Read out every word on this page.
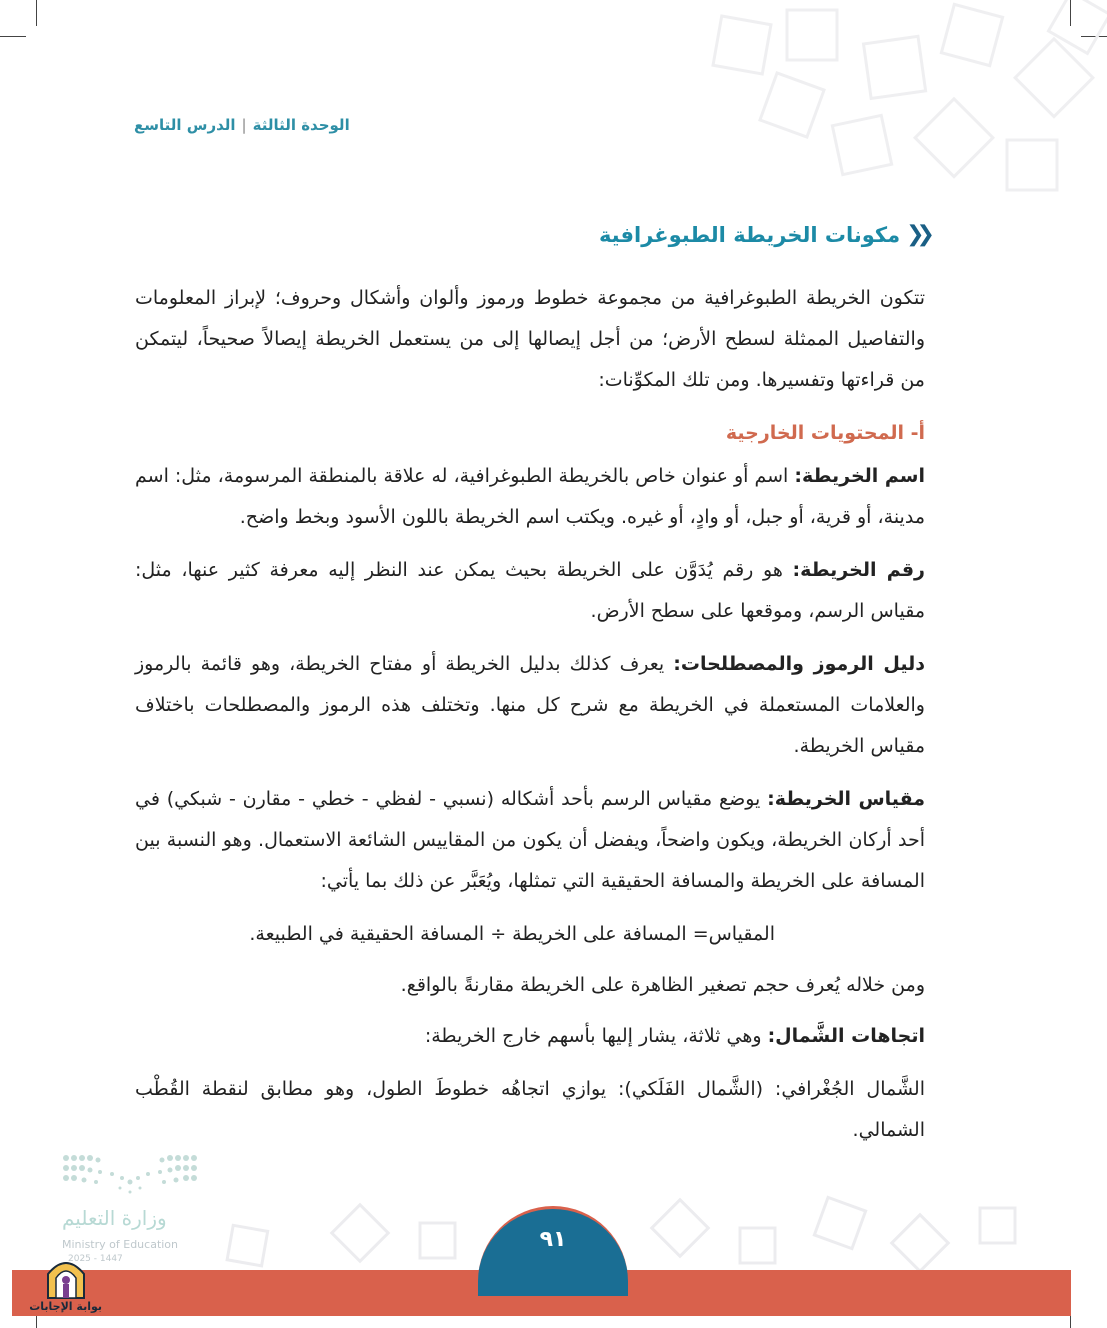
الوحدة الثالثة|الدرس التاسع
❮❮
مكونات الخريطة الطبوغرافية

تتكون الخريطة الطبوغرافية من مجموعة خطوط ورموز وألوان وأشكال وحروف؛ لإبراز المعلومات والتفاصيل الممثلة لسطح الأرض؛ من أجل إيصالها إلى من يستعمل الخريطة إيصالاً صحيحاً، ليتمكن من قراءتها وتفسيرها. ومن تلك المكوِّنات:

أ- المحتويات الخارجية

اسم الخريطة: اسم أو عنوان خاص بالخريطة الطبوغرافية، له علاقة بالمنطقة المرسومة، مثل: اسم مدينة، أو قرية، أو جبل، أو وادٍ، أو غيره. ويكتب اسم الخريطة باللون الأسود وبخط واضح.

رقم الخريطة: هو رقم يُدَوَّن على الخريطة بحيث يمكن عند النظر إليه معرفة كثير عنها، مثل: مقياس الرسم، وموقعها على سطح الأرض.

دليل الرموز والمصطلحات: يعرف كذلك بدليل الخريطة أو مفتاح الخريطة، وهو قائمة بالرموز والعلامات المستعملة في الخريطة مع شرح كل منها. وتختلف هذه الرموز والمصطلحات باختلاف مقياس الخريطة.

مقياس الخريطة: يوضع مقياس الرسم بأحد أشكاله (نسبي - لفظي - خطي - مقارن - شبكي) في أحد أركان الخريطة، ويكون واضحاً، ويفضل أن يكون من المقاييس الشائعة الاستعمال. وهو النسبة بين المسافة على الخريطة والمسافة الحقيقية التي تمثلها، ويُعَبَّر عن ذلك بما يأتي:

المقياس= المسافة على الخريطة ÷ المسافة الحقيقية في الطبيعة.

ومن خلاله يُعرف حجم تصغير الظاهرة على الخريطة مقارنةً بالواقع.

اتجاهات الشَّمال: وهي ثلاثة، يشار إليها بأسهم خارج الخريطة:

الشَّمال الجُغْرافي: (الشَّمال الفَلَكي): يوازي اتجاهُه خطوطَ الطول، وهو مطابق لنقطة القُطْب الشمالي.

وزارة التعليم
Ministry of Education
2025 - 1447
٩١
بوابة الإجابات
